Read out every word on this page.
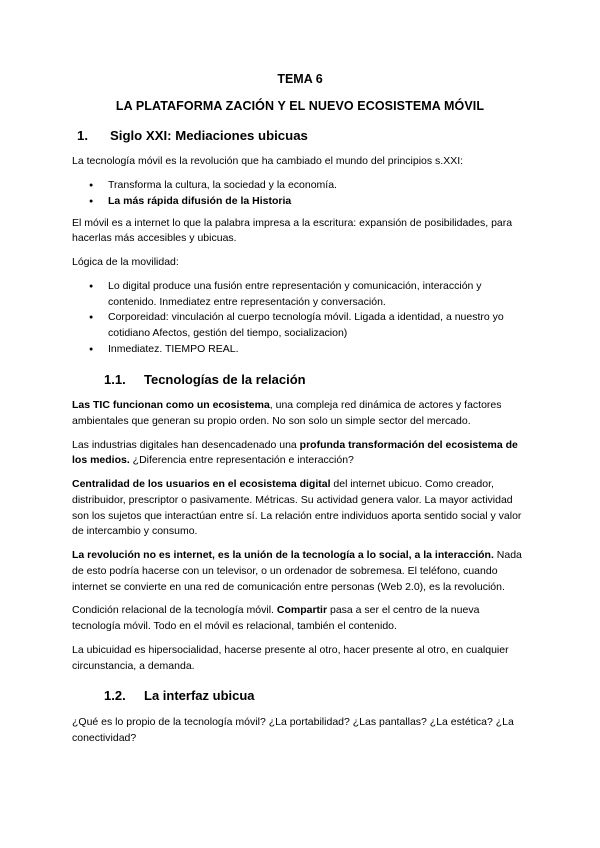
TEMA 6
LA PLATAFORMA ZACIÓN Y EL NUEVO ECOSISTEMA MÓVIL
1.	Siglo XXI: Mediaciones ubicuas

La tecnología móvil es la revolución que ha cambiado el mundo del principios s.XXI:

● Transforma la cultura, la sociedad y la economía.
● La más rápida difusión de la Historia

El móvil es a internet lo que la palabra impresa a la escritura: expansión de posibilidades, para hacerlas más accesibles y ubicuas.

Lógica de la movilidad:

● Lo digital produce una fusión entre representación y comunicación, interacción y contenido. Inmediatez entre representación y conversación.
● Corporeidad: vinculación al cuerpo tecnología móvil. Ligada a identidad, a nuestro yo cotidiano Afectos, gestión del tiempo, socializacion)
● Inmediatez. TIEMPO REAL.
1.1.	Tecnologías de la relación

Las TIC funcionan como un ecosistema, una compleja red dinámica de actores y factores ambientales que generan su propio orden. No son solo un simple sector del mercado.

Las industrias digitales han desencadenado una profunda transformación del ecosistema de los medios. ¿Diferencia entre representación e interacción?

Centralidad de los usuarios en el ecosistema digital del internet ubicuo. Como creador, distribuidor, prescriptor o pasivamente. Métricas. Su actividad genera valor. La mayor actividad son los sujetos que interactúan entre sí. La relación entre individuos aporta sentido social y valor de intercambio y consumo.

La revolución no es internet, es la unión de la tecnología a lo social, a la interacción. Nada de esto podría hacerse con un televisor, o un ordenador de sobremesa. El teléfono, cuando internet se convierte en una red de comunicación entre personas (Web 2.0), es la revolución.

Condición relacional de la tecnología móvil. Compartir pasa a ser el centro de la nueva tecnología móvil. Todo en el móvil es relacional, también el contenido.

La ubicuidad es hipersocialidad, hacerse presente al otro, hacer presente al otro, en cualquier circunstancia, a demanda.

1.2.	La interfaz ubicua

¿Qué es lo propio de la tecnología móvil? ¿La portabilidad? ¿Las pantallas? ¿La estética? ¿La conectividad?
